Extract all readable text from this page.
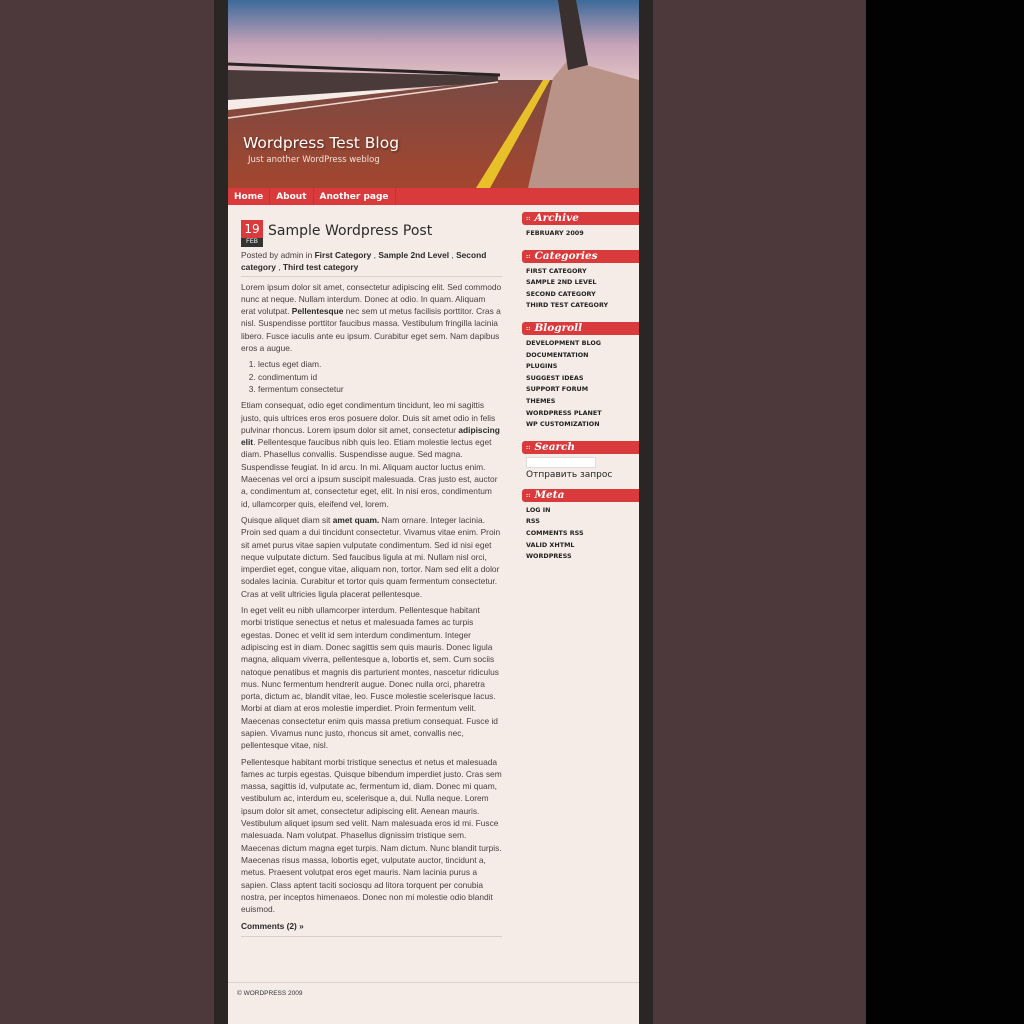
Wordpress Test Blog
Just another WordPress weblog
Home	About	Another page
19
FEB
Sample Wordpress Post
Posted by admin in First Category , Sample 2nd Level , Second category , Third test category

Lorem ipsum dolor sit amet, consectetur adipiscing elit. Sed commodo nunc at neque. Nullam interdum. Donec at odio. In quam. Aliquam erat volutpat. Pellentesque nec sem ut metus facilisis porttitor. Cras a nisl. Suspendisse porttitor faucibus massa. Vestibulum fringilla lacinia libero. Fusce iaculis ante eu ipsum. Curabitur eget sem. Nam dapibus eros a augue.

1. lectus eget diam.
2. condimentum id
3. fermentum consectetur

Etiam consequat, odio eget condimentum tincidunt, leo mi sagittis justo, quis ultrices eros eros posuere dolor. Duis sit amet odio in felis pulvinar rhoncus. Lorem ipsum dolor sit amet, consectetur adipiscing elit. Pellentesque faucibus nibh quis leo. Etiam molestie lectus eget diam. Phasellus convallis. Suspendisse augue. Sed magna. Suspendisse feugiat. In id arcu. In mi. Aliquam auctor luctus enim. Maecenas vel orci a ipsum suscipit malesuada. Cras justo est, auctor a, condimentum at, consectetur eget, elit. In nisi eros, condimentum id, ullamcorper quis, eleifend vel, lorem.

Quisque aliquet diam sit amet quam. Nam ornare. Integer lacinia. Proin sed quam a dui tincidunt consectetur. Vivamus vitae enim. Proin sit amet purus vitae sapien vulputate condimentum. Sed id nisi eget neque vulputate dictum. Sed faucibus ligula at mi. Nullam nisl orci, imperdiet eget, congue vitae, aliquam non, tortor. Nam sed elit a dolor sodales lacinia. Curabitur et tortor quis quam fermentum consectetur. Cras at velit ultricies ligula placerat pellentesque.

In eget velit eu nibh ullamcorper interdum. Pellentesque habitant morbi tristique senectus et netus et malesuada fames ac turpis egestas. Donec et velit id sem interdum condimentum. Integer adipiscing est in diam. Donec sagittis sem quis mauris. Donec ligula magna, aliquam viverra, pellentesque a, lobortis et, sem. Cum sociis natoque penatibus et magnis dis parturient montes, nascetur ridiculus mus. Nunc fermentum hendrerit augue. Donec nulla orci, pharetra porta, dictum ac, blandit vitae, leo. Fusce molestie scelerisque lacus. Morbi at diam at eros molestie imperdiet. Proin fermentum velit. Maecenas consectetur enim quis massa pretium consequat. Fusce id sapien. Vivamus nunc justo, rhoncus sit amet, convallis nec, pellentesque vitae, nisl.

Pellentesque habitant morbi tristique senectus et netus et malesuada fames ac turpis egestas. Quisque bibendum imperdiet justo. Cras sem massa, sagittis id, vulputate ac, fermentum id, diam. Donec mi quam, vestibulum ac, interdum eu, scelerisque a, dui. Nulla neque. Lorem ipsum dolor sit amet, consectetur adipiscing elit. Aenean mauris. Vestibulum aliquet ipsum sed velit. Nam malesuada eros id mi. Fusce malesuada. Nam volutpat. Phasellus dignissim tristique sem. Maecenas dictum magna eget turpis. Nam dictum. Nunc blandit turpis. Maecenas risus massa, lobortis eget, vulputate auctor, tincidunt a, metus. Praesent volutpat eros eget mauris. Nam lacinia purus a sapien. Class aptent taciti sociosqu ad litora torquent per conubia nostra, per inceptos himenaeos. Donec non mi molestie odio blandit euismod.

Comments (2) »
:: Archive
FEBRUARY 2009
:: Categories
FIRST CATEGORY
SAMPLE 2ND LEVEL
SECOND CATEGORY
THIRD TEST CATEGORY
:: Blogroll
DEVELOPMENT BLOG
DOCUMENTATION
PLUGINS
SUGGEST IDEAS
SUPPORT FORUM
THEMES
WORDPRESS PLANET
WP CUSTOMIZATION
:: Search
Отправить запрос
:: Meta
LOG IN
RSS
COMMENTS RSS
VALID XHTML
WORDPRESS
© WORDPRESS 2009
